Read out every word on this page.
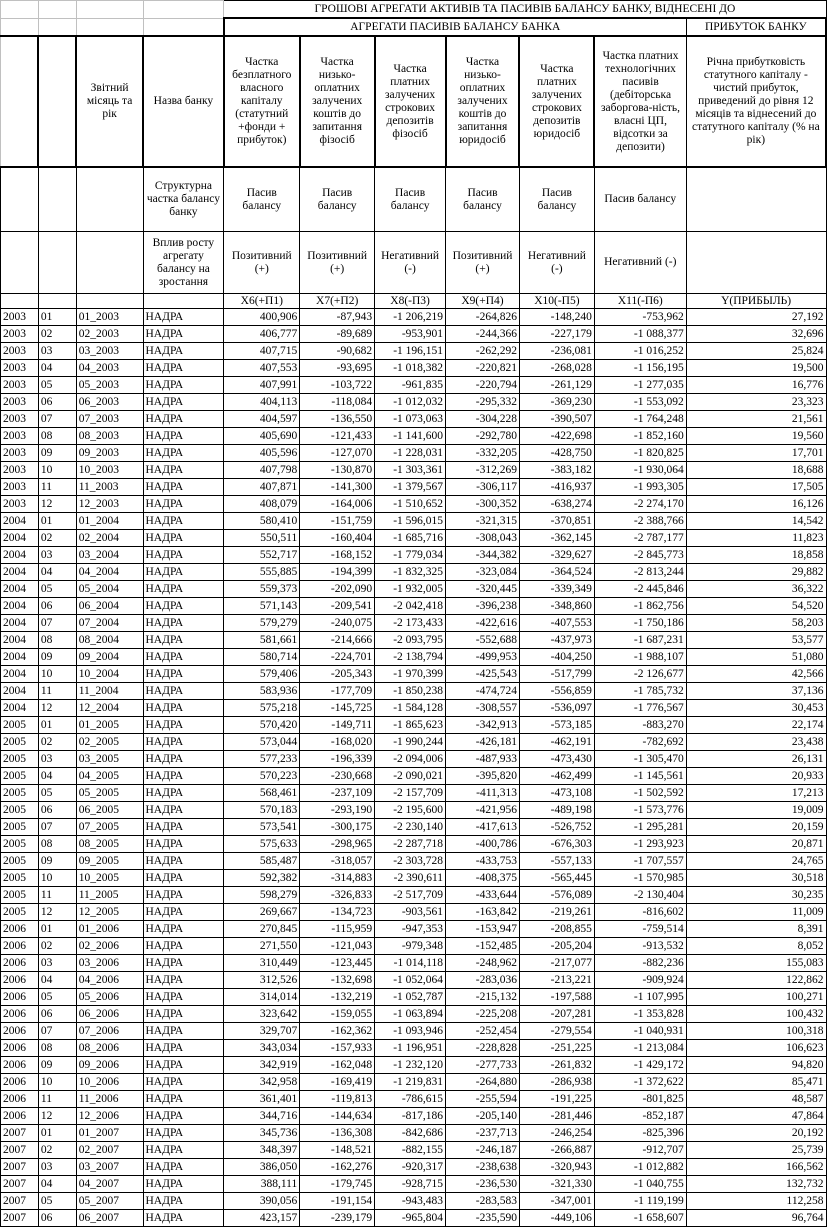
				ГРОШОВІ АГРЕГАТИ АКТИВІВ ТА ПАСИВІВ БАЛАНСУ БАНКУ, ВІДНЕСЕНІ ДО						
				АГРЕГАТИ ПАСИВІВ БАЛАНСУ БАНКА						ПРИБУТОК БАНКУ
		Звітний місяць та рік	Назва банку	Частка безплатного власного капіталу (статутний +фонди + прибуток)	Частка низько-оплатних залучених коштів до запитання фізосіб	Частка платних залучених строкових депозитів фізосіб	Частка низько-оплатних залучених коштів до запитання юридосіб	Частка платних залучених строкових депозитів юридосіб	Частка платних технологічних пасивів (дебіторська заборгова-ність, власні ЦП, відсотки за депозити)	Річна прибутковість статутного капіталу - чистий прибуток, приведений до рівня 12 місяців та віднесений до статутного капіталу (% на рік)
			Структурна частка балансу банку	Пасив балансу	Пасив балансу	Пасив балансу	Пасив балансу	Пасив балансу	Пасив балансу	
			Вплив росту агрегату балансу на зростання	Позитивний (+)	Позитивний (+)	Негативний (-)	Позитивний (+)	Негативний (-)	Негативний (-)	
				X6(+П1)	X7(+П2)	X8(-П3)	X9(+П4)	X10(-П5)	X11(-П6)	Y(ПРИБЫЛЬ)
2003	01	01_2003	НАДРА	400,906	-87,943	-1 206,219	-264,826	-148,240	-753,962	27,192
2003	02	02_2003	НАДРА	406,777	-89,689	-953,901	-244,366	-227,179	-1 088,377	32,696
2003	03	03_2003	НАДРА	407,715	-90,682	-1 196,151	-262,292	-236,081	-1 016,252	25,824
2003	04	04_2003	НАДРА	407,553	-93,695	-1 018,382	-220,821	-268,028	-1 156,195	19,500
2003	05	05_2003	НАДРА	407,991	-103,722	-961,835	-220,794	-261,129	-1 277,035	16,776
2003	06	06_2003	НАДРА	404,113	-118,084	-1 012,032	-295,332	-369,230	-1 553,092	23,323
2003	07	07_2003	НАДРА	404,597	-136,550	-1 073,063	-304,228	-390,507	-1 764,248	21,561
2003	08	08_2003	НАДРА	405,690	-121,433	-1 141,600	-292,780	-422,698	-1 852,160	19,560
2003	09	09_2003	НАДРА	405,596	-127,070	-1 228,031	-332,205	-428,750	-1 820,825	17,701
2003	10	10_2003	НАДРА	407,798	-130,870	-1 303,361	-312,269	-383,182	-1 930,064	18,688
2003	11	11_2003	НАДРА	407,871	-141,300	-1 379,567	-306,117	-416,937	-1 993,305	17,505
2003	12	12_2003	НАДРА	408,079	-164,006	-1 510,652	-300,352	-638,274	-2 274,170	16,126
2004	01	01_2004	НАДРА	580,410	-151,759	-1 596,015	-321,315	-370,851	-2 388,766	14,542
2004	02	02_2004	НАДРА	550,511	-160,404	-1 685,716	-308,043	-362,145	-2 787,177	11,823
2004	03	03_2004	НАДРА	552,717	-168,152	-1 779,034	-344,382	-329,627	-2 845,773	18,858
2004	04	04_2004	НАДРА	555,885	-194,399	-1 832,325	-323,084	-364,524	-2 813,244	29,882
2004	05	05_2004	НАДРА	559,373	-202,090	-1 932,005	-320,445	-339,349	-2 445,846	36,322
2004	06	06_2004	НАДРА	571,143	-209,541	-2 042,418	-396,238	-348,860	-1 862,756	54,520
2004	07	07_2004	НАДРА	579,279	-240,075	-2 173,433	-422,616	-407,553	-1 750,186	58,203
2004	08	08_2004	НАДРА	581,661	-214,666	-2 093,795	-552,688	-437,973	-1 687,231	53,577
2004	09	09_2004	НАДРА	580,714	-224,701	-2 138,794	-499,953	-404,250	-1 988,107	51,080
2004	10	10_2004	НАДРА	579,406	-205,343	-1 970,399	-425,543	-517,799	-2 126,677	42,566
2004	11	11_2004	НАДРА	583,936	-177,709	-1 850,238	-474,724	-556,859	-1 785,732	37,136
2004	12	12_2004	НАДРА	575,218	-145,725	-1 584,128	-308,557	-536,097	-1 776,567	30,453
2005	01	01_2005	НАДРА	570,420	-149,711	-1 865,623	-342,913	-573,185	-883,270	22,174
2005	02	02_2005	НАДРА	573,044	-168,020	-1 990,244	-426,181	-462,191	-782,692	23,438
2005	03	03_2005	НАДРА	577,233	-196,339	-2 094,006	-487,933	-473,430	-1 305,470	26,131
2005	04	04_2005	НАДРА	570,223	-230,668	-2 090,021	-395,820	-462,499	-1 145,561	20,933
2005	05	05_2005	НАДРА	568,461	-237,109	-2 157,709	-411,313	-473,108	-1 502,592	17,213
2005	06	06_2005	НАДРА	570,183	-293,190	-2 195,600	-421,956	-489,198	-1 573,776	19,009
2005	07	07_2005	НАДРА	573,541	-300,175	-2 230,140	-417,613	-526,752	-1 295,281	20,159
2005	08	08_2005	НАДРА	575,633	-298,965	-2 287,718	-400,786	-676,303	-1 293,923	20,871
2005	09	09_2005	НАДРА	585,487	-318,057	-2 303,728	-433,753	-557,133	-1 707,557	24,765
2005	10	10_2005	НАДРА	592,382	-314,883	-2 390,611	-408,375	-565,445	-1 570,985	30,518
2005	11	11_2005	НАДРА	598,279	-326,833	-2 517,709	-433,644	-576,089	-2 130,404	30,235
2005	12	12_2005	НАДРА	269,667	-134,723	-903,561	-163,842	-219,261	-816,602	11,009
2006	01	01_2006	НАДРА	270,845	-115,959	-947,353	-153,947	-208,855	-759,514	8,391
2006	02	02_2006	НАДРА	271,550	-121,043	-979,348	-152,485	-205,204	-913,532	8,052
2006	03	03_2006	НАДРА	310,449	-123,445	-1 014,118	-248,962	-217,077	-882,236	155,083
2006	04	04_2006	НАДРА	312,526	-132,698	-1 052,064	-283,036	-213,221	-909,924	122,862
2006	05	05_2006	НАДРА	314,014	-132,219	-1 052,787	-215,132	-197,588	-1 107,995	100,271
2006	06	06_2006	НАДРА	323,642	-159,055	-1 063,894	-225,208	-207,281	-1 353,828	100,432
2006	07	07_2006	НАДРА	329,707	-162,362	-1 093,946	-252,454	-279,554	-1 040,931	100,318
2006	08	08_2006	НАДРА	343,034	-157,933	-1 196,951	-228,828	-251,225	-1 213,084	106,623
2006	09	09_2006	НАДРА	342,919	-162,048	-1 232,120	-277,733	-261,832	-1 429,172	94,820
2006	10	10_2006	НАДРА	342,958	-169,419	-1 219,831	-264,880	-286,938	-1 372,622	85,471
2006	11	11_2006	НАДРА	361,401	-119,813	-786,615	-255,594	-191,225	-801,825	48,587
2006	12	12_2006	НАДРА	344,716	-144,634	-817,186	-205,140	-281,446	-852,187	47,864
2007	01	01_2007	НАДРА	345,736	-136,308	-842,686	-237,713	-246,254	-825,396	20,192
2007	02	02_2007	НАДРА	348,397	-148,521	-882,155	-246,187	-266,887	-912,707	25,739
2007	03	03_2007	НАДРА	386,050	-162,276	-920,317	-238,638	-320,943	-1 012,882	166,562
2007	04	04_2007	НАДРА	388,111	-179,745	-928,715	-236,530	-321,330	-1 040,755	132,732
2007	05	05_2007	НАДРА	390,056	-191,154	-943,483	-283,583	-347,001	-1 119,199	112,258
2007	06	06_2007	НАДРА	423,157	-239,179	-965,804	-235,590	-449,106	-1 658,607	96,764
